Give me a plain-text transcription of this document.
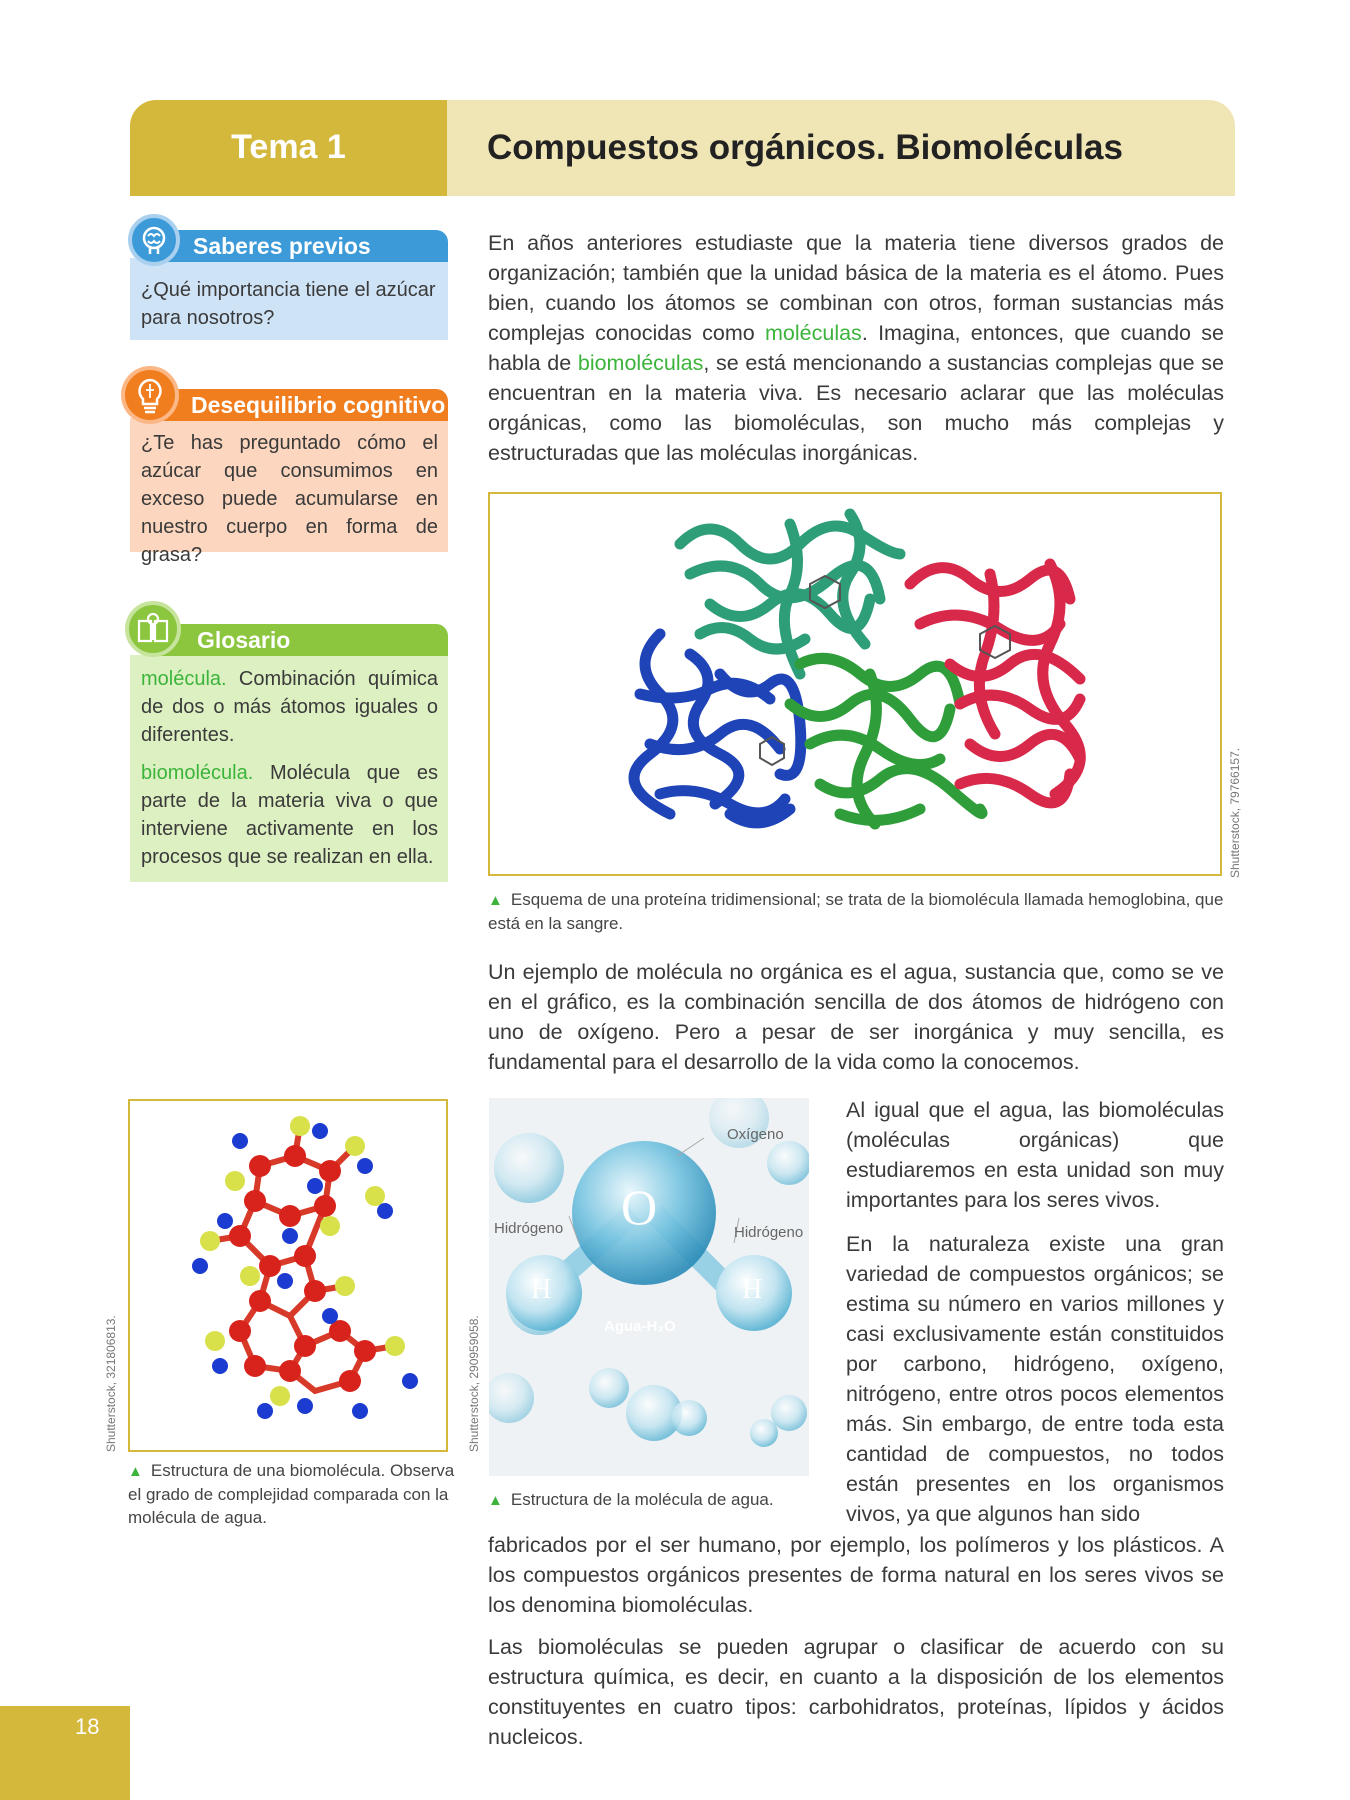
Tema 1	Compuestos orgánicos. Biomoléculas
¿Qué importancia tiene el azúcar para nosotros?
Saberes previos
¿Te has preguntado cómo el azúcar que consumimos en exceso puede acumularse en nuestro cuerpo en forma de grasa?
Desequilibrio cognitivo
molécula. Combinación química de dos o más átomos iguales o diferentes.
biomolécula. Molécula que es parte de la materia viva o que interviene activamente en los procesos que se realizan en ella.
Glosario
En años anteriores estudiaste que la materia tiene diversos grados de organización; también que la unidad básica de la materia es el átomo. Pues bien, cuando los átomos se combinan con otros, forman sustancias más complejas conocidas como moléculas. Imagina, entonces, que cuando se habla de biomoléculas, se está mencionando a sustancias complejas que se encuentran en la materia viva. Es necesario aclarar que las moléculas orgánicas, como las biomoléculas, son mucho más complejas y estructuradas que las moléculas inorgánicas.
Shutterstock, 79766157.
▲ Esquema de una proteína tridimensional; se trata de la biomolécula llamada hemoglobina, que está en la sangre.
Un ejemplo de molécula no orgánica es el agua, sustancia que, como se ve en el gráfico, es la combinación sencilla de dos átomos de hidrógeno con uno de oxígeno. Pero a pesar de ser inorgánica y muy sencilla, es fundamental para el desarrollo de la vida como la conocemos.
Shutterstock, 321806813.
▲ Estructura de una biomolécula. Observa el grado de complejidad comparada con la molécula de agua.
Oxígeno
Hidrógeno	Hidrógeno
O
H	H
Agua-H₂O
Shutterstock, 290959058.
▲ Estructura de la molécula de agua.
Al igual que el agua, las biomoléculas (moléculas orgánicas) que estudiaremos en esta unidad son muy importantes para los seres vivos.
En la naturaleza existe una gran variedad de compuestos orgánicos; se estima su número en varios millones y casi exclusivamente están constituidos por carbono, hidrógeno, oxígeno, nitrógeno, entre otros pocos elementos más. Sin embargo, de entre toda esta cantidad de compuestos, no todos están presentes en los organismos vivos, ya que algunos han sido
fabricados por el ser humano, por ejemplo, los polímeros y los plásticos. A los compuestos orgánicos presentes de forma natural en los seres vivos se los denomina biomoléculas.
Las biomoléculas se pueden agrupar o clasificar de acuerdo con su estructura química, es decir, en cuanto a la disposición de los elementos constituyentes en cuatro tipos: carbohidratos, proteínas, lípidos y ácidos nucleicos.
18
